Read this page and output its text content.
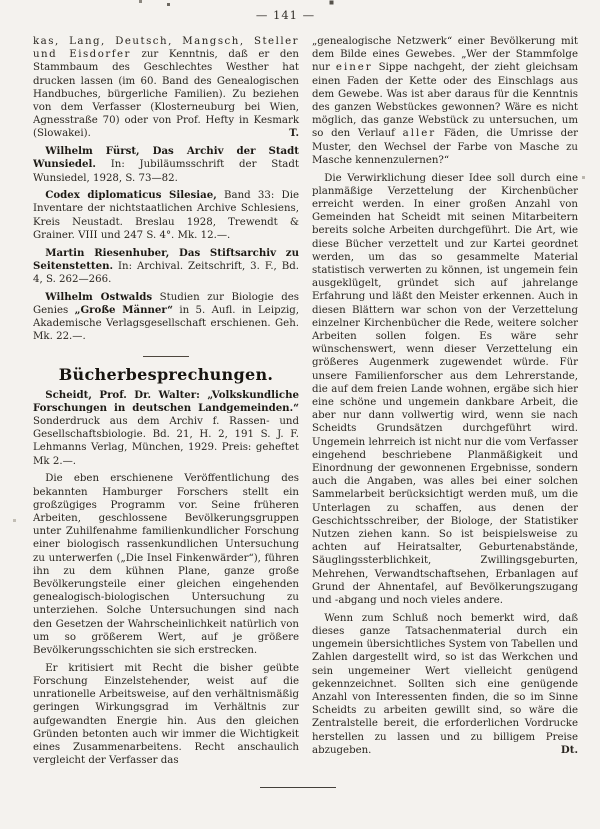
— 141 —

kas, Lang, Deutsch, Mangsch, Steller und Eisdorfer zur Kenntnis, daß er den Stammbaum des Geschlechtes Westher hat drucken lassen (im 60. Band des Genealogischen Handbuches, bürgerliche Familien). Zu beziehen von dem Verfasser (Klosterneuburg bei Wien, Agnesstraße 70) oder von Prof. Hefty in Kesmark (Slowakei).	T.

Wilhelm Fürst, Das Archiv der Stadt Wunsiedel. In: Jubiläumsschrift der Stadt Wunsiedel, 1928, S. 73—82.

Codex diplomaticus Silesiae, Band 33: Die Inventare der nichtstaatlichen Archive Schlesiens, Kreis Neustadt. Breslau 1928, Trewendt & Grainer. VIII und 247 S. 4°. Mk. 12.—.

Martin Riesenhuber, Das Stiftsarchiv zu Seitenstetten. In: Archival. Zeitschrift, 3. F., Bd. 4, S. 262—266.

Wilhelm Ostwalds Studien zur Biologie des Genies „Große Männer“ in 5. Aufl. in Leipzig, Akademische Verlagsgesellschaft erschienen. Geh. Mk. 22.—.

Bücherbesprechungen.

Scheidt, Prof. Dr. Walter: „Volkskundliche Forschungen in deutschen Landgemeinden.“ Sonderdruck aus dem Archiv f. Rassen- und Gesellschaftsbiologie. Bd. 21, H. 2, 191 S. J. F. Lehmanns Verlag, München, 1929. Preis: geheftet Mk 2.—.

Die eben erschienene Veröffentlichung des bekannten Hamburger Forschers stellt ein großzügiges Programm vor. Seine früheren Arbeiten, geschlossene Bevölkerungsgruppen unter Zuhilfenahme familienkundlicher Forschung einer biologisch rassenkundlichen Untersuchung zu unterwerfen („Die Insel Finkenwärder“), führen ihn zu dem kühnen Plane, ganze große Bevölkerungsteile einer gleichen eingehenden genealogisch-biologischen Untersuchung zu unterziehen. Solche Untersuchungen sind nach den Gesetzen der Wahrscheinlichkeit natürlich von um so größerem Wert, auf je größere Bevölkerungsschichten sie sich erstrecken.

Er kritisiert mit Recht die bisher geübte Forschung Einzelstehender, weist auf die unrationelle Arbeitsweise, auf den verhältnismäßig geringen Wirkungsgrad im Verhältnis zur aufgewandten Energie hin. Aus den gleichen Gründen betonten auch wir immer die Wichtigkeit eines Zusammenarbeitens. Recht anschaulich vergleicht der Verfasser das

„genealogische Netzwerk“ einer Bevölkerung mit dem Bilde eines Gewebes. „Wer der Stammfolge nur einer Sippe nachgeht, der zieht gleichsam einen Faden der Kette oder des Einschlags aus dem Gewebe. Was ist aber daraus für die Kenntnis des ganzen Webstückes gewonnen? Wäre es nicht möglich, das ganze Webstück zu untersuchen, um so den Verlauf aller Fäden, die Umrisse der Muster, den Wechsel der Farbe von Masche zu Masche kennenzulernen?“

Die Verwirklichung dieser Idee soll durch eine planmäßige Verzettelung der Kirchenbücher erreicht werden. In einer großen Anzahl von Gemeinden hat Scheidt mit seinen Mitarbeitern bereits solche Arbeiten durchgeführt. Die Art, wie diese Bücher verzettelt und zur Kartei geordnet werden, um das so gesammelte Material statistisch verwerten zu können, ist ungemein fein ausgeklügelt, gründet sich auf jahrelange Erfahrung und läßt den Meister erkennen. Auch in diesen Blättern war schon von der Verzettelung einzelner Kirchenbücher die Rede, weitere solcher Arbeiten sollen folgen. Es wäre sehr wünschenswert, wenn dieser Verzettelung ein größeres Augenmerk zugewendet würde. Für unsere Familienforscher aus dem Lehrerstande, die auf dem freien Lande wohnen, ergäbe sich hier eine schöne und ungemein dankbare Arbeit, die aber nur dann vollwertig wird, wenn sie nach Scheidts Grundsätzen durchgeführt wird. Ungemein lehrreich ist nicht nur die vom Verfasser eingehend beschriebene Planmäßigkeit und Einordnung der gewonnenen Ergebnisse, sondern auch die Angaben, was alles bei einer solchen Sammelarbeit berücksichtigt werden muß, um die Unterlagen zu schaffen, aus denen der Geschichtsschreiber, der Biologe, der Statistiker Nutzen ziehen kann. So ist beispielsweise zu achten auf Heiratsalter, Geburtenabstände, Säuglingssterblichkeit, Zwillingsgeburten, Mehrehen, Verwandtschaftsehen, Erbanlagen auf Grund der Ahnentafel, auf Bevölkerungszugang und -abgang und noch vieles andere.

Wenn zum Schluß noch bemerkt wird, daß dieses ganze Tatsachenmaterial durch ein ungemein übersichtliches System von Tabellen und Zahlen dargestellt wird, so ist das Werkchen und sein ungemeiner Wert vielleicht genügend gekennzeichnet. Sollten sich eine genügende Anzahl von Interessenten finden, die so im Sinne Scheidts zu arbeiten gewillt sind, so wäre die Zentralstelle bereit, die erforderlichen Vordrucke herstellen zu lassen und zu billigem Preise abzugeben.	Dt.
